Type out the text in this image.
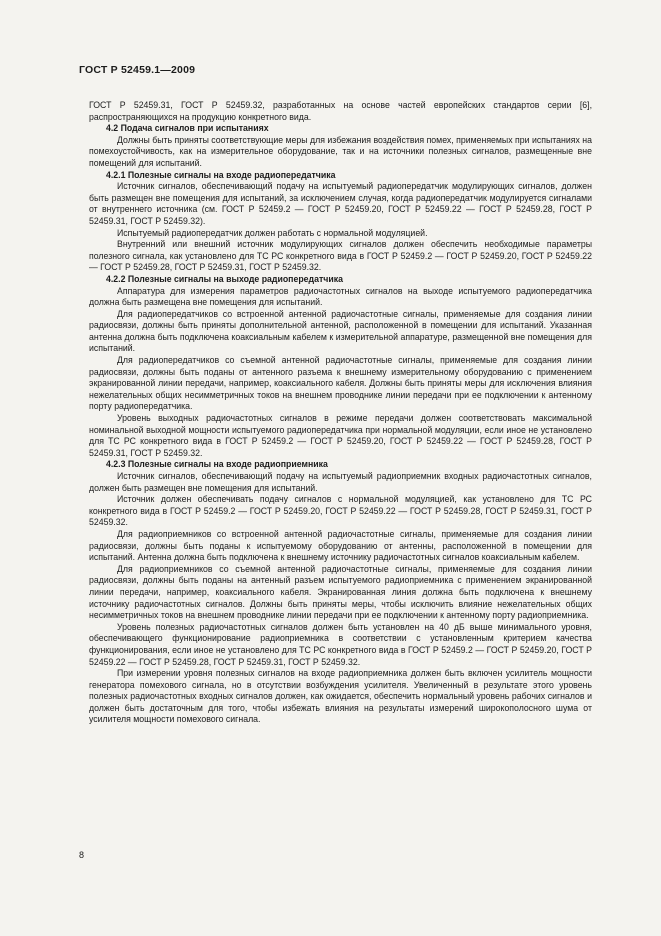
ГОСТ Р 52459.1—2009

ГОСТ Р 52459.31, ГОСТ Р 52459.32, разработанных на основе частей европейских стандартов серии [6], распространяющихся на продукцию конкретного вида.

4.2 Подача сигналов при испытаниях

Должны быть приняты соответствующие меры для избежания воздействия помех, применяемых при испытаниях на помехоустойчивость, как на измерительное оборудование, так и на источники полезных сигналов, размещенные вне помещений для испытаний.

4.2.1 Полезные сигналы на входе радиопередатчика

Источник сигналов, обеспечивающий подачу на испытуемый радиопередатчик модулирующих сигналов, должен быть размещен вне помещения для испытаний, за исключением случая, когда радиопередатчик модулируется сигналами от внутреннего источника (см. ГОСТ Р 52459.2 — ГОСТ Р 52459.20, ГОСТ Р 52459.22 — ГОСТ Р 52459.28, ГОСТ Р 52459.31, ГОСТ Р 52459.32).

Испытуемый радиопередатчик должен работать с нормальной модуляцией.

Внутренний или внешний источник модулирующих сигналов должен обеспечить необходимые параметры полезного сигнала, как установлено для ТС РС конкретного вида в ГОСТ Р 52459.2 — ГОСТ Р 52459.20, ГОСТ Р 52459.22 — ГОСТ Р 52459.28, ГОСТ Р 52459.31, ГОСТ Р 52459.32.

4.2.2 Полезные сигналы на выходе радиопередатчика

Аппаратура для измерения параметров радиочастотных сигналов на выходе испытуемого радиопередатчика должна быть размещена вне помещения для испытаний.

Для радиопередатчиков со встроенной антенной радиочастотные сигналы, применяемые для создания линии радиосвязи, должны быть приняты дополнительной антенной, расположенной в помещении для испытаний. Указанная антенна должна быть подключена коаксиальным кабелем к измерительной аппаратуре, размещенной вне помещения для испытаний.

Для радиопередатчиков со съемной антенной радиочастотные сигналы, применяемые для создания линии радиосвязи, должны быть поданы от антенного разъема к внешнему измерительному оборудованию с применением экранированной линии передачи, например, коаксиального кабеля. Должны быть приняты меры для исключения влияния нежелательных общих несимметричных токов на внешнем проводнике линии передачи при ее подключении к антенному порту радиопередатчика.

Уровень выходных радиочастотных сигналов в режиме передачи должен соответствовать максимальной номинальной выходной мощности испытуемого радиопередатчика при нормальной модуляции, если иное не установлено для ТС РС конкретного вида в ГОСТ Р 52459.2 — ГОСТ Р 52459.20, ГОСТ Р 52459.22 — ГОСТ Р 52459.28, ГОСТ Р 52459.31, ГОСТ Р 52459.32.

4.2.3 Полезные сигналы на входе радиоприемника

Источник сигналов, обеспечивающий подачу на испытуемый радиоприемник входных радиочастотных сигналов, должен быть размещен вне помещения для испытаний.

Источник должен обеспечивать подачу сигналов с нормальной модуляцией, как установлено для ТС РС конкретного вида в ГОСТ Р 52459.2 — ГОСТ Р 52459.20, ГОСТ Р 52459.22 — ГОСТ Р 52459.28, ГОСТ Р 52459.31, ГОСТ Р 52459.32.

Для радиоприемников со встроенной антенной радиочастотные сигналы, применяемые для создания линии радиосвязи, должны быть поданы к испытуемому оборудованию от антенны, расположенной в помещении для испытаний. Антенна должна быть подключена к внешнему источнику радиочастотных сигналов коаксиальным кабелем.

Для радиоприемников со съемной антенной радиочастотные сигналы, применяемые для создания линии радиосвязи, должны быть поданы на антенный разъем испытуемого радиоприемника с применением экранированной линии передачи, например, коаксиального кабеля. Экранированная линия должна быть подключена к внешнему источнику радиочастотных сигналов. Должны быть приняты меры, чтобы исключить влияние нежелательных общих несимметричных токов на внешнем проводнике линии передачи при ее подключении к антенному порту радиоприемника.

Уровень полезных радиочастотных сигналов должен быть установлен на 40 дБ выше минимального уровня, обеспечивающего функционирование радиоприемника в соответствии с установленным критерием качества функционирования, если иное не установлено для ТС РС конкретного вида в ГОСТ Р 52459.2 — ГОСТ Р 52459.20, ГОСТ Р 52459.22 — ГОСТ Р 52459.28, ГОСТ Р 52459.31, ГОСТ Р 52459.32.

При измерении уровня полезных сигналов на входе радиоприемника должен быть включен усилитель мощности генератора помехового сигнала, но в отсутствии возбуждения усилителя. Увеличенный в результате этого уровень полезных радиочастотных входных сигналов должен, как ожидается, обеспечить нормальный уровень рабочих сигналов и должен быть достаточным для того, чтобы избежать влияния на результаты измерений широкополосного шума от усилителя мощности помехового сигнала.

8
